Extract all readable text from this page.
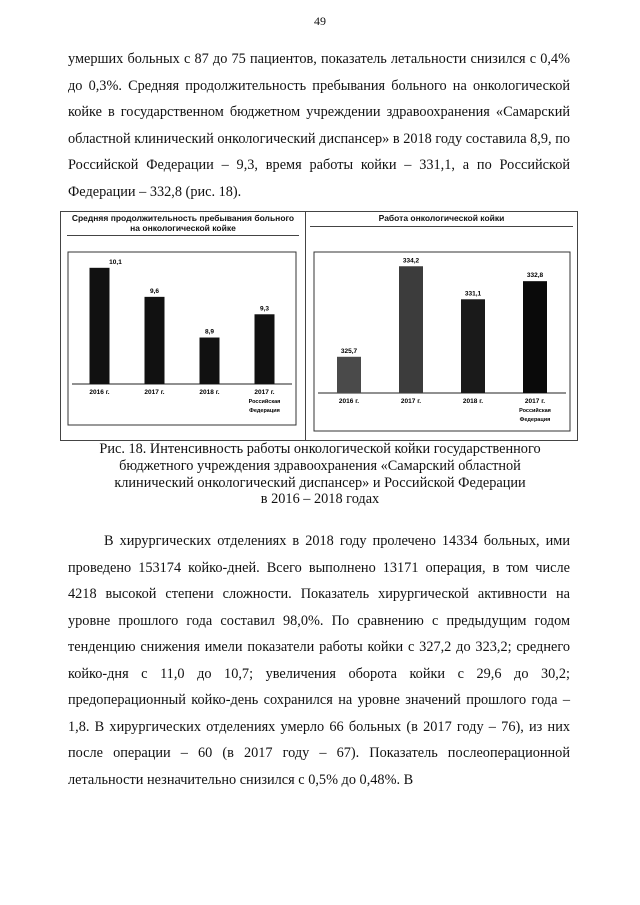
49

умерших больных с 87 до 75 пациентов, показатель летальности снизился с 0,4% до 0,3%. Средняя продолжительность пребывания больного на онкологической койке в государственном бюджетном учреждении здравоохранения «Самарский областной клинический онкологический диспансер» в 2018 году составила 8,9, по Российской Федерации – 9,3, время работы койки – 331,1, а по Российской Федерации – 332,8 (рис. 18).

Средняя продолжительность пребывания больного на онкологической койке
10,1
2016 г.
9,6
2017 г.
8,9
2018 г.
9,3
2017 г.
Российская
Федерация
Работа онкологической койки
325,7
2016 г.
334,2
2017 г.
331,1
2018 г.
332,8
2017 г.
Российская
Федерация

Рис. 18. Интенсивность работы онкологической койки государственного
бюджетного учреждения здравоохранения «Самарский областной
клинический онкологический диспансер» и Российской Федерации
в 2016 – 2018 годах

В хирургических отделениях в 2018 году пролечено 14334 больных, ими проведено 153174 койко-дней. Всего выполнено 13171 операция, в том числе 4218 высокой степени сложности. Показатель хирургической активности на уровне прошлого года составил 98,0%. По сравнению с предыдущим годом тенденцию снижения имели показатели работы койки с 327,2 до 323,2; среднего койко-дня с 11,0 до 10,7; увеличения оборота койки с 29,6 до 30,2; предоперационный койко-день сохранился на уровне значений прошлого года – 1,8. В хирургических отделениях умерло 66 больных (в 2017 году – 76), из них после операции – 60 (в 2017 году – 67). Показатель послеоперационной летальности незначительно снизился с 0,5% до 0,48%. В
